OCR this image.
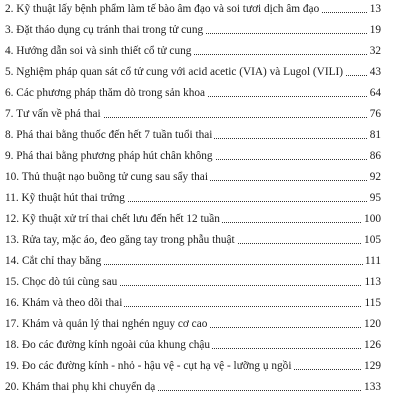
2. Kỹ thuật lấy bệnh phẩm làm tế bào âm đạo và soi tươi dịch âm đạo	13
3. Đặt tháo dụng cụ tránh thai trong tử cung	19
4. Hướng dẫn soi và sinh thiết cổ tử cung	32
5. Nghiệm pháp quan sát cổ tử cung với acid acetic (VIA) và Lugol (VILI) 43
6. Các phương pháp thăm dò trong sản khoa	64
7. Tư vấn về phá thai	76
8. Phá thai bằng thuốc đến hết 7 tuần tuổi thai	81
9. Phá thai bằng phương pháp hút chân không	86
10. Thủ thuật nạo buồng tử cung sau sẩy thai	92
11. Kỹ thuật hút thai trứng	95
12. Kỹ thuật xử trí thai chết lưu đến hết 12 tuần	100
13. Rửa tay, mặc áo, đeo găng tay trong phẫu thuật	105
14. Cắt chỉ thay băng	111
15. Chọc dò túi cùng sau	113
16. Khám và theo dõi thai	115
17. Khám và quản lý thai nghén nguy cơ cao	120
18. Đo các đường kính ngoài của khung chậu	126
19. Đo các đường kính - nhỏ - hậu vệ - cụt hạ vệ - lưỡng ụ ngồi	129
20. Khám thai phụ khi chuyển dạ	133
